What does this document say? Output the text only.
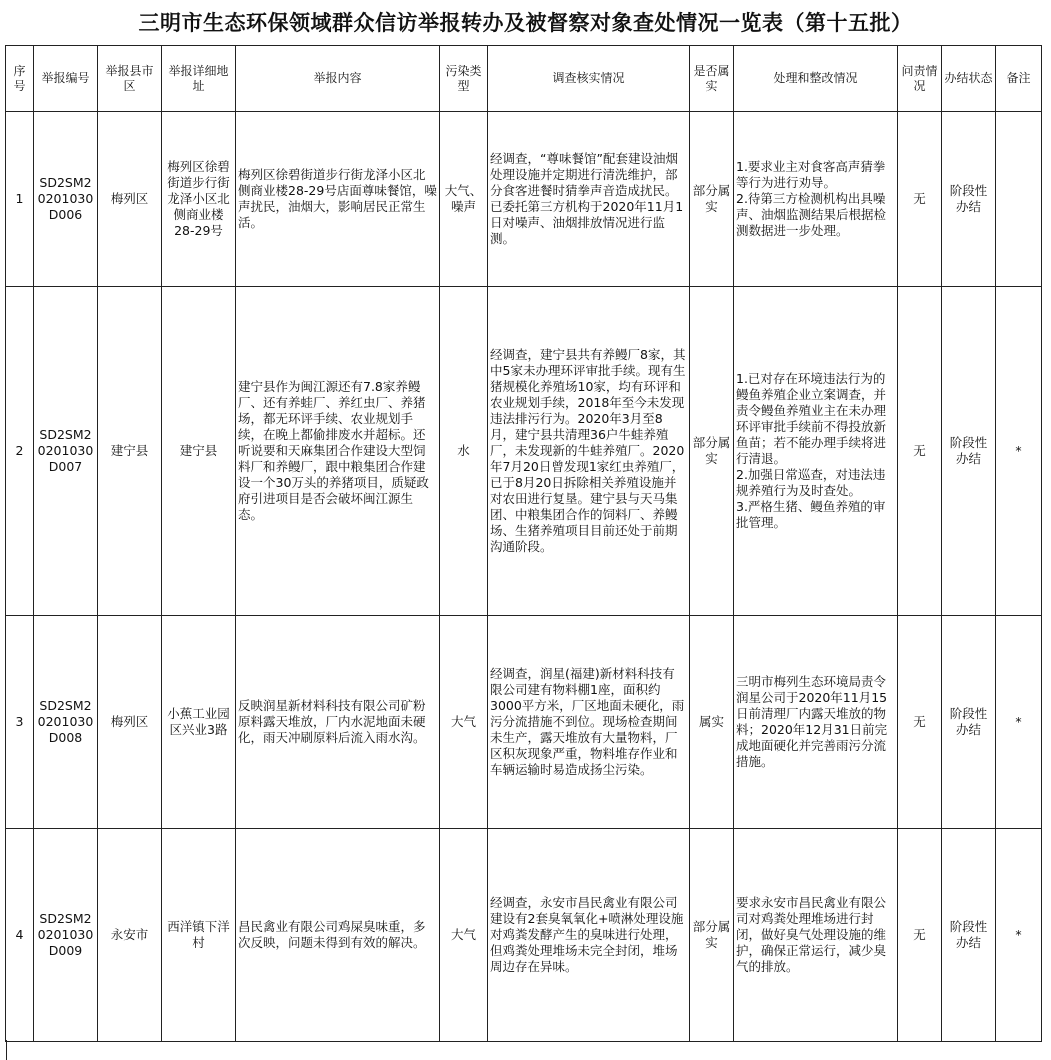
三明市生态环保领域群众信访举报转办及被督察对象查处情况一览表（第十五批）
序号	举报编号	举报县市区	举报详细地址	举报内容	污染类型	调查核实情况	是否属实	处理和整改情况	问责情况	办结状态	备注
1	SD2SM20201030D006	梅列区	梅列区徐碧街道步行街龙泽小区北侧商业楼28-29号	梅列区徐碧街道步行街龙泽小区北侧商业楼28-29号店面尊味餐馆，噪声扰民，油烟大，影响居民正常生活。	大气、噪声	经调查，“尊味餐馆”配套建设油烟处理设施并定期进行清洗维护，部分食客进餐时猜拳声音造成扰民。已委托第三方机构于2020年11月1日对噪声、油烟排放情况进行监测。	部分属实	1.要求业主对食客高声猜拳等行为进行劝导。
2.待第三方检测机构出具噪声、油烟监测结果后根据检测数据进一步处理。	无	阶段性办结	
2	SD2SM20201030D007	建宁县	建宁县	建宁县作为闽江源还有7.8家养鳗厂、还有养蛙厂、养红虫厂、养猪场，都无环评手续、农业规划手续，在晚上都偷排废水并超标。还听说要和天麻集团合作建设大型饲料厂和养鳗厂，跟中粮集团合作建设一个30万头的养猪项目，质疑政府引进项目是否会破坏闽江源生态。	水	经调查，建宁县共有养鳗厂8家，其中5家未办理环评审批手续。现有生猪规模化养殖场10家，均有环评和农业规划手续，2018年至今未发现违法排污行为。2020年3月至8月，建宁县共清理36户牛蛙养殖厂，未发现新的牛蛙养殖厂。2020年7月20日曾发现1家红虫养殖厂，已于8月20日拆除相关养殖设施并对农田进行复垦。建宁县与天马集团、中粮集团合作的饲料厂、养鳗场、生猪养殖项目目前还处于前期沟通阶段。	部分属实	1.已对存在环境违法行为的鳗鱼养殖企业立案调查，并责令鳗鱼养殖业主在未办理环评审批手续前不得投放新鱼苗；若不能办理手续将进行清退。
2.加强日常巡查，对违法违规养殖行为及时查处。
3.严格生猪、鳗鱼养殖的审批管理。	无	阶段性办结	*
3	SD2SM20201030D008	梅列区	小蕉工业园区兴业3路	反映润星新材料科技有限公司矿粉原料露天堆放，厂内水泥地面未硬化，雨天冲刷原料后流入雨水沟。	大气	经调查，润星(福建)新材料科技有限公司建有物料棚1座，面积约3000平方米，厂区地面未硬化，雨污分流措施不到位。现场检查期间未生产，露天堆放有大量物料，厂区积灰现象严重，物料堆存作业和车辆运输时易造成扬尘污染。	属实	三明市梅列生态环境局责令润星公司于2020年11月15日前清理厂内露天堆放的物料；2020年12月31日前完成地面硬化并完善雨污分流措施。	无	阶段性办结	*
4	SD2SM20201030D009	永安市	西洋镇下洋村	昌民禽业有限公司鸡屎臭味重，多次反映，问题未得到有效的解决。	大气	经调查，永安市昌民禽业有限公司建设有2套臭氧氧化+喷淋处理设施对鸡粪发酵产生的臭味进行处理，但鸡粪处理堆场未完全封闭，堆场周边存在异味。	部分属实	要求永安市昌民禽业有限公司对鸡粪处理堆场进行封闭，做好臭气处理设施的维护，确保正常运行，减少臭气的排放。	无	阶段性办结	*
